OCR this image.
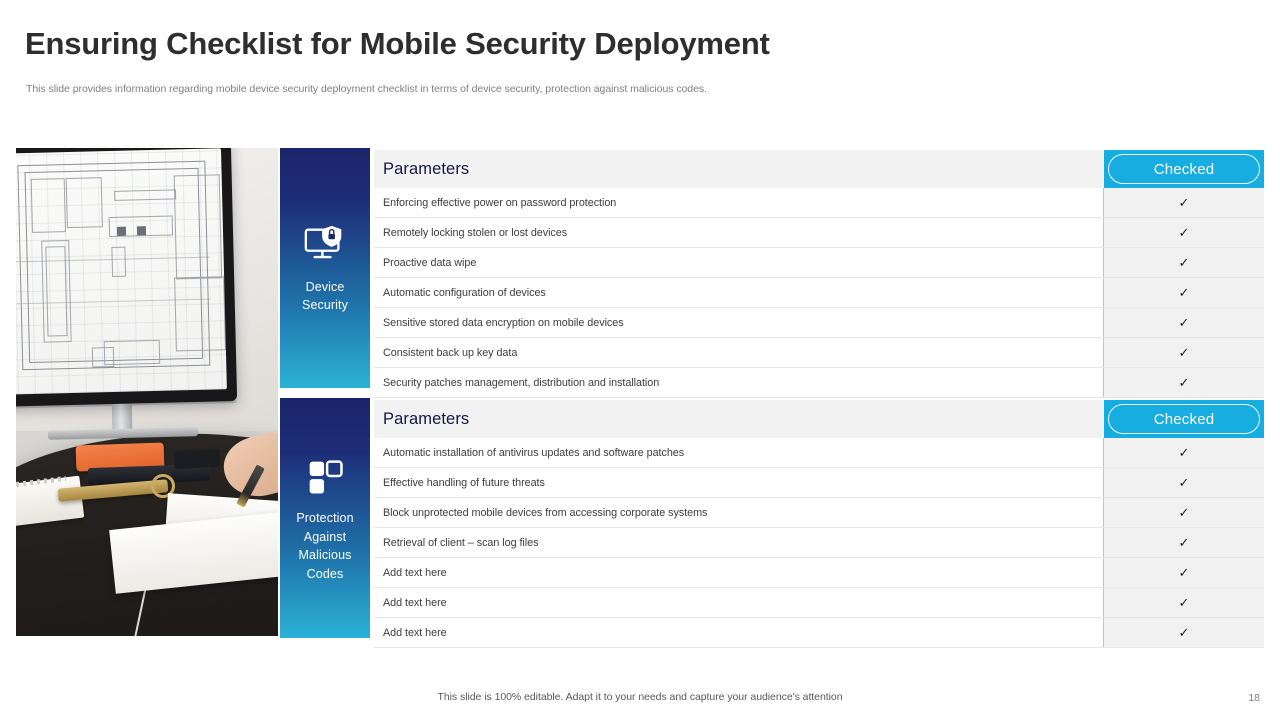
Ensuring Checklist for Mobile Security Deployment
This slide provides information regarding mobile device security deployment checklist in terms of device security, protection against malicious codes.
Device Security
Parameters	Checked
Enforcing effective power on password protection	✓
Remotely locking stolen or lost devices	✓
Proactive data wipe	✓
Automatic configuration of devices	✓
Sensitive stored data encryption on mobile devices	✓
Consistent back up key data	✓
Security patches management, distribution and installation	✓
Protection Against Malicious Codes
Parameters	Checked
Automatic installation of antivirus updates and software patches	✓
Effective handling of future threats	✓
Block unprotected mobile devices from accessing corporate systems	✓
Retrieval of client – scan log files	✓
Add text here	✓
Add text here	✓
Add text here	✓
This slide is 100% editable. Adapt it to your needs and capture your audience's attention	18
